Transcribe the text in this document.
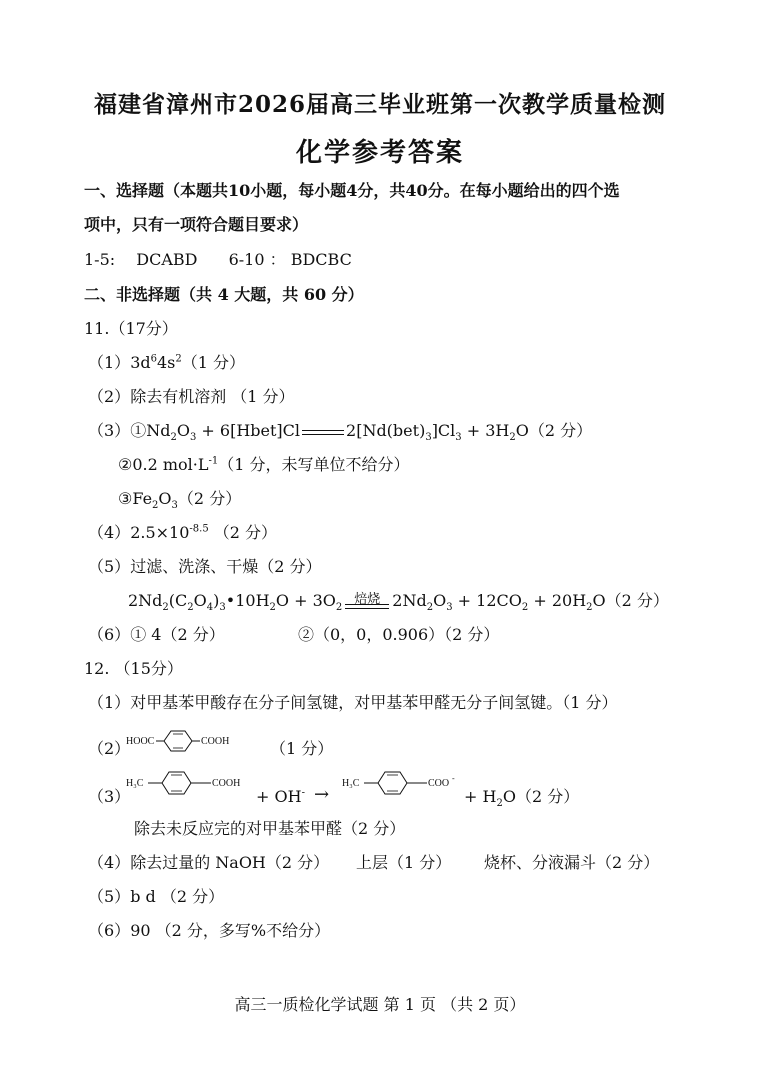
福建省漳州市2026届高三毕业班第一次教学质量检测
化学参考答案
一、选择题（本题共10小题，每小题4分，共40分。在每小题给出的四个选
项中，只有一项符合题目要求）
1-5: DCABD 6-10 ： BDCBC
二、非选择题（共 4 大题，共 60 分）
11.（17分）
$(1)3d^64s^2(1$ 分）
（2）除去有机溶剂 （1 分）
$(3)①Nd_2O_3$ + 6[Hbet]Cl	$2[Nd(bet)_3]Cl_3 + 3H_2O(2$ 分）
②0.2 $mol\cdot L^{-1}(1$ 分，未写单位不给分）
$③Fe_2O_3(2$ 分）
$(4)2.5\times 10^{-8.5}$ （2 分）
（5）过滤、洗涤、干燥（2 分）
$2Nd_2(C_2O_4)_3•10H_2O + 3O_2$
焙烧 $2Nd_2O_3 + 12CO_2 + 20H_2O(2$ 分）
（6）① 4（2 分）	②（0，0，0.906）（2 分）
12. （15分）
（1）对甲基苯甲酸存在分子间氢键，对甲基苯甲醛无分子间氢键。（1 分）
（2）
HOOC	COOH	（1 分）
（3）
H₃C	COOH
+ OH- →
H₃C	COO -
+ $H_2O(2$ 分）
除去未反应完的对甲基苯甲醛（2 分）
（4）除去过量的 NaOH（2 分） 上层（1 分） 烧杯、分液漏斗（2 分）
（5）b d （2 分）
（6）90 （2 分，多写%不给分）
高三一质检化学试题 第 1 页 （共 2 页）
